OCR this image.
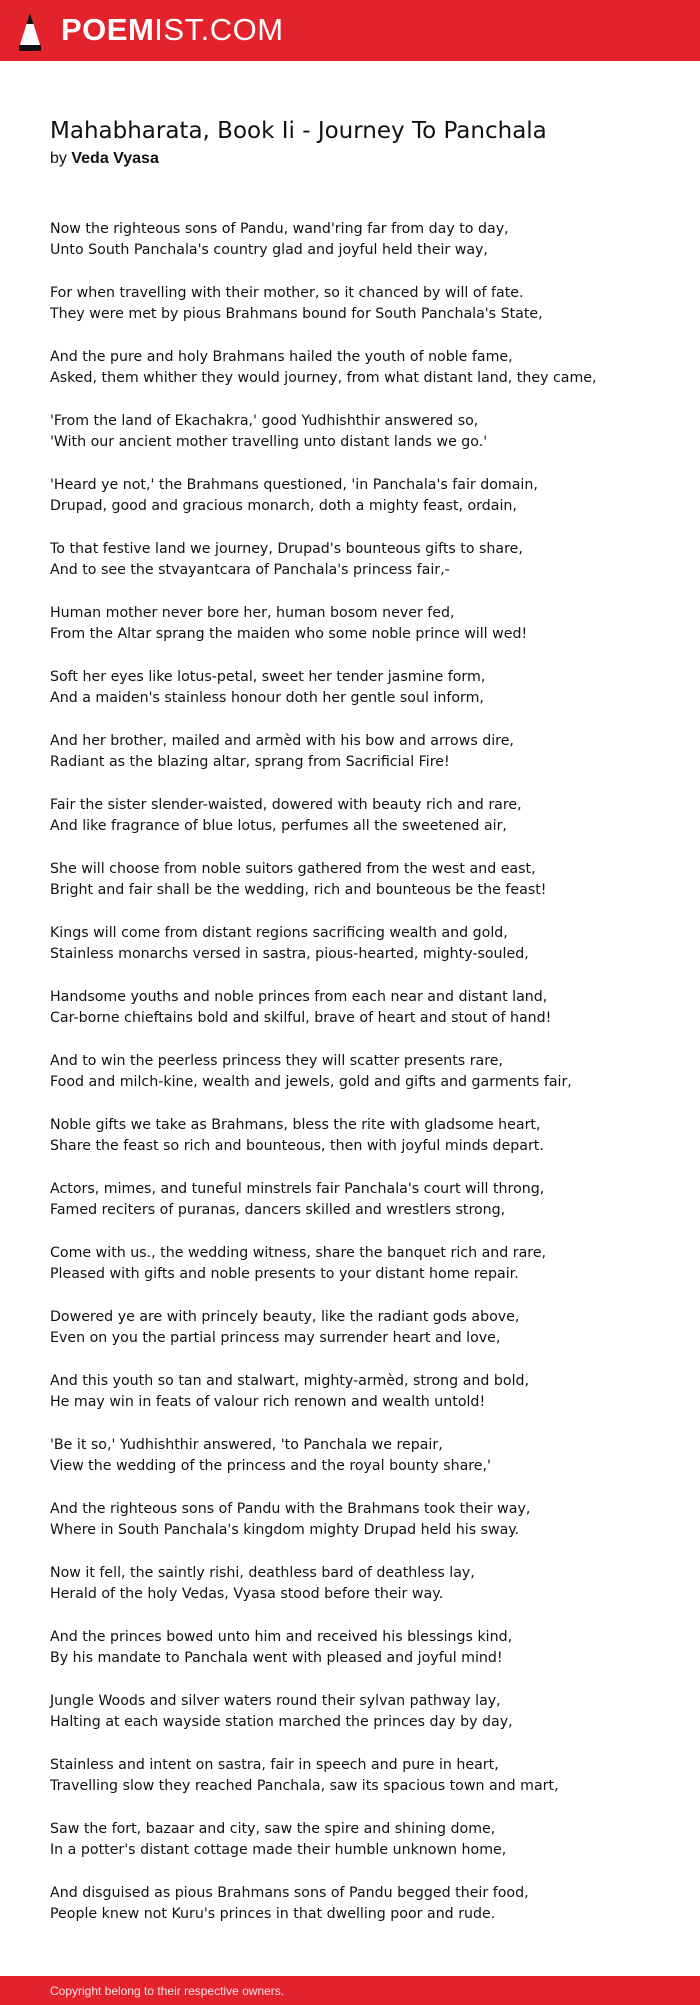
POEMIST.COM
Mahabharata, Book Ii - Journey To Panchala
by Veda Vyasa
Now the righteous sons of Pandu, wand'ring far from day to day,
Unto South Panchala's country glad and joyful held their way,
For when travelling with their mother, so it chanced by will of fate.
They were met by pious Brahmans bound for South Panchala's State,
And the pure and holy Brahmans hailed the youth of noble fame,
Asked, them whither they would journey, from what distant land, they came,
'From the land of Ekachakra,' good Yudhishthir answered so,
'With our ancient mother travelling unto distant lands we go.'
'Heard ye not,' the Brahmans questioned, 'in Panchala's fair domain,
Drupad, good and gracious monarch, doth a mighty feast, ordain,
To that festive land we journey, Drupad's bounteous gifts to share,
And to see the stvayantcara of Panchala's princess fair,-
Human mother never bore her, human bosom never fed,
From the Altar sprang the maiden who some noble prince will wed!
Soft her eyes like lotus-petal, sweet her tender jasmine form,
And a maiden's stainless honour doth her gentle soul inform,
And her brother, mailed and armèd with his bow and arrows dire,
Radiant as the blazing altar, sprang from Sacrificial Fire!
Fair the sister slender-waisted, dowered with beauty rich and rare,
And like fragrance of blue lotus, perfumes all the sweetened air,
She will choose from noble suitors gathered from the west and east,
Bright and fair shall be the wedding, rich and bounteous be the feast!
Kings will come from distant regions sacrificing wealth and gold,
Stainless monarchs versed in sastra, pious-hearted, mighty-souled,
Handsome youths and noble princes from each near and distant land,
Car-borne chieftains bold and skilful, brave of heart and stout of hand!
And to win the peerless princess they will scatter presents rare,
Food and milch-kine, wealth and jewels, gold and gifts and garments fair,
Noble gifts we take as Brahmans, bless the rite with gladsome heart,
Share the feast so rich and bounteous, then with joyful minds depart.
Actors, mimes, and tuneful minstrels fair Panchala's court will throng,
Famed reciters of puranas, dancers skilled and wrestlers strong,
Come with us., the wedding witness, share the banquet rich and rare,
Pleased with gifts and noble presents to your distant home repair.
Dowered ye are with princely beauty, like the radiant gods above,
Even on you the partial princess may surrender heart and love,
And this youth so tan and stalwart, mighty-armèd, strong and bold,
He may win in feats of valour rich renown and wealth untold!
'Be it so,' Yudhishthir answered, 'to Panchala we repair,
View the wedding of the princess and the royal bounty share,'
And the righteous sons of Pandu with the Brahmans took their way,
Where in South Panchala's kingdom mighty Drupad held his sway.
Now it fell, the saintly rishi, deathless bard of deathless lay,
Herald of the holy Vedas, Vyasa stood before their way.
And the princes bowed unto him and received his blessings kind,
By his mandate to Panchala went with pleased and joyful mind!
Jungle Woods and silver waters round their sylvan pathway lay,
Halting at each wayside station marched the princes day by day,
Stainless and intent on sastra, fair in speech and pure in heart,
Travelling slow they reached Panchala, saw its spacious town and mart,
Saw the fort, bazaar and city, saw the spire and shining dome,
In a potter's distant cottage made their humble unknown home,
And disguised as pious Brahmans sons of Pandu begged their food,
People knew not Kuru's princes in that dwelling poor and rude.
Copyright belong to their respective owners.
